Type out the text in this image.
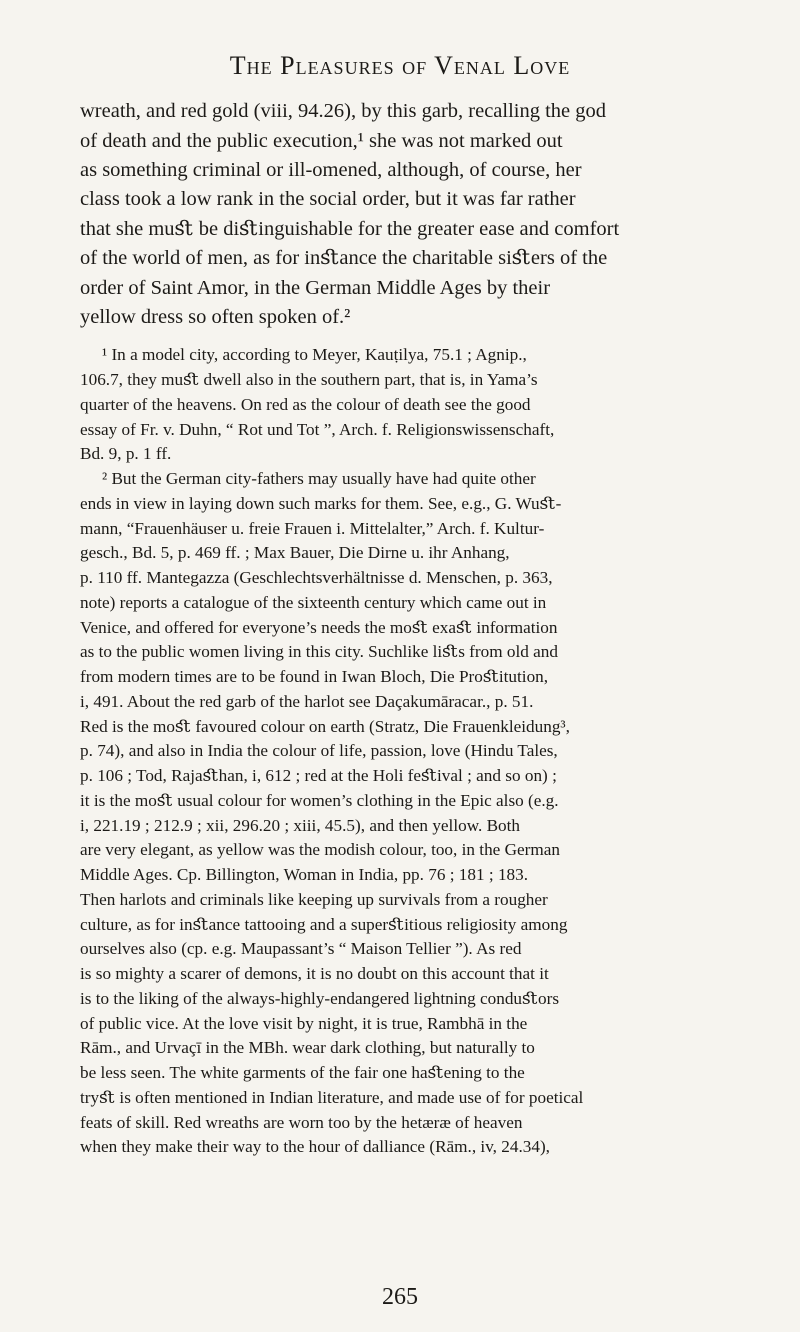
The Pleasures of Venal Love
wreath, and red gold (viii, 94.26), by this garb, recalling the god
of death and the public execution,¹ she was not marked out
as something criminal or ill-omened, although, of course, her
class took a low rank in the social order, but it was far rather
that she muﬆ be diﬆinguishable for the greater ease and comfort
of the world of men, as for inﬆance the charitable siﬆers of the
order of Saint Amor, in the German Middle Ages by their
yellow dress so often spoken of.²
¹ In a model city, according to Meyer, Kauṭilya, 75.1 ; Agnip.,
106.7, they muﬆ dwell also in the southern part, that is, in Yama’s
quarter of the heavens. On red as the colour of death see the good
essay of Fr. v. Duhn, “ Rot und Tot ”, Arch. f. Religionswissenschaft,
Bd. 9, p. 1 ff.
² But the German city-fathers may usually have had quite other
ends in view in laying down such marks for them. See, e.g., G. Wuﬆ-
mann, “Frauenhäuser u. freie Frauen i. Mittelalter,” Arch. f. Kultur-
gesch., Bd. 5, p. 469 ff. ; Max Bauer, Die Dirne u. ihr Anhang,
p. 110 ff. Mantegazza (Geschlechtsverhältnisse d. Menschen, p. 363,
note) reports a catalogue of the sixteenth century which came out in
Venice, and offered for everyone’s needs the moﬆ exaﬆ information
as to the public women living in this city. Suchlike liﬆs from old and
from modern times are to be found in Iwan Bloch, Die Proﬆitution,
i, 491. About the red garb of the harlot see Daçakumāracar., p. 51.
Red is the moﬆ favoured colour on earth (Stratz, Die Frauenkleidung³,
p. 74), and also in India the colour of life, passion, love (Hindu Tales,
p. 106 ; Tod, Rajaﬆhan, i, 612 ; red at the Holi feﬆival ; and so on) ;
it is the moﬆ usual colour for women’s clothing in the Epic also (e.g.
i, 221.19 ; 212.9 ; xii, 296.20 ; xiii, 45.5), and then yellow. Both
are very elegant, as yellow was the modish colour, too, in the German
Middle Ages. Cp. Billington, Woman in India, pp. 76 ; 181 ; 183.
Then harlots and criminals like keeping up survivals from a rougher
culture, as for inﬆance tattooing and a superﬆitious religiosity among
ourselves also (cp. e.g. Maupassant’s “ Maison Tellier ”). As red
is so mighty a scarer of demons, it is no doubt on this account that it
is to the liking of the always-highly-endangered lightning conduﬆors
of public vice. At the love visit by night, it is true, Rambhā in the
Rām., and Urvaçī in the MBh. wear dark clothing, but naturally to
be less seen. The white garments of the fair one haﬆening to the
tryﬆ is often mentioned in Indian literature, and made use of for poetical
feats of skill. Red wreaths are worn too by the hetæræ of heaven
when they make their way to the hour of dalliance (Rām., iv, 24.34),
265
